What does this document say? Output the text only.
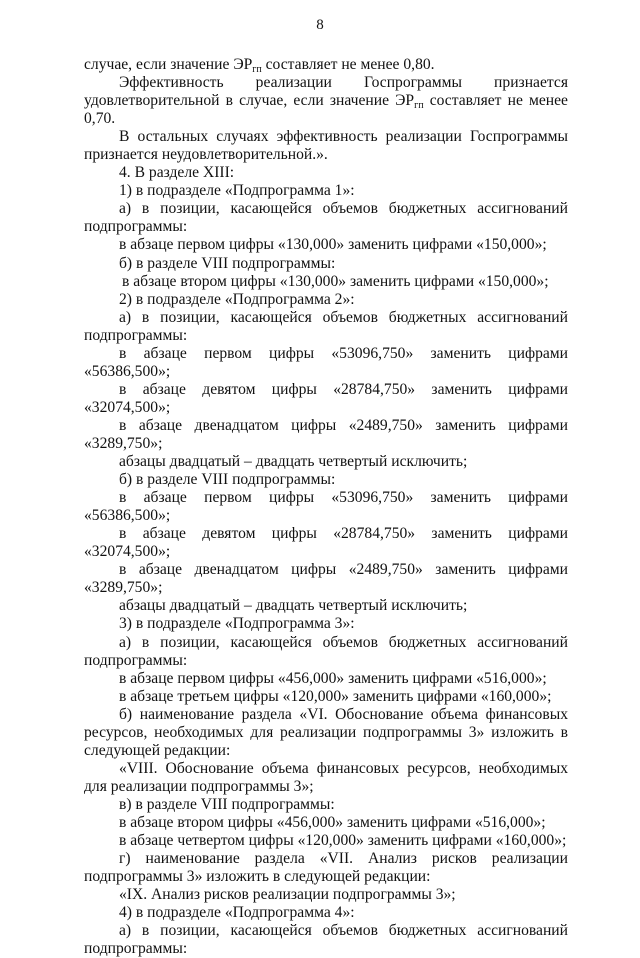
8

случае, если значение $ЭР_{гп}$ составляет не менее 0,80.

Эффективность реализации Госпрограммы признается удовлетворительной в случае, если значение $ЭР_{гп}$ составляет не менее 0,70.

В остальных случаях эффективность реализации Госпрограммы признается неудовлетворительной.».

4. В разделе XIII:

1) в подразделе «Подпрограмма 1»:

а) в позиции, касающейся объемов бюджетных ассигнований подпрограммы:

в абзаце первом цифры «130,000» заменить цифрами «150,000»;

б) в разделе VIII подпрограммы:

в абзаце втором цифры «130,000» заменить цифрами «150,000»;

2) в подразделе «Подпрограмма 2»:

а) в позиции, касающейся объемов бюджетных ассигнований подпрограммы:

в абзаце первом цифры «53096,750» заменить цифрами «56386,500»;

в абзаце девятом цифры «28784,750» заменить цифрами «32074,500»;

в абзаце двенадцатом цифры «2489,750» заменить цифрами «3289,750»;

абзацы двадцатый – двадцать четвертый исключить;

б) в разделе VIII подпрограммы:

в абзаце первом цифры «53096,750» заменить цифрами «56386,500»;

в абзаце девятом цифры «28784,750» заменить цифрами «32074,500»;

в абзаце двенадцатом цифры «2489,750» заменить цифрами «3289,750»;

абзацы двадцатый – двадцать четвертый исключить;

3) в подразделе «Подпрограмма 3»:

а) в позиции, касающейся объемов бюджетных ассигнований подпрограммы:

в абзаце первом цифры «456,000» заменить цифрами «516,000»;

в абзаце третьем цифры «120,000» заменить цифрами «160,000»;

б) наименование раздела «VI. Обоснование объема финансовых ресурсов, необходимых для реализации подпрограммы 3» изложить в следующей редакции:

«VIII. Обоснование объема финансовых ресурсов, необходимых для реализации подпрограммы 3»;

в) в разделе VIII подпрограммы:

в абзаце втором цифры «456,000» заменить цифрами «516,000»;

в абзаце четвертом цифры «120,000» заменить цифрами «160,000»;

г) наименование раздела «VII. Анализ рисков реализации подпрограммы 3» изложить в следующей редакции:

«IX. Анализ рисков реализации подпрограммы 3»;

4) в подразделе «Подпрограмма 4»:

а) в позиции, касающейся объемов бюджетных ассигнований подпрограммы:
